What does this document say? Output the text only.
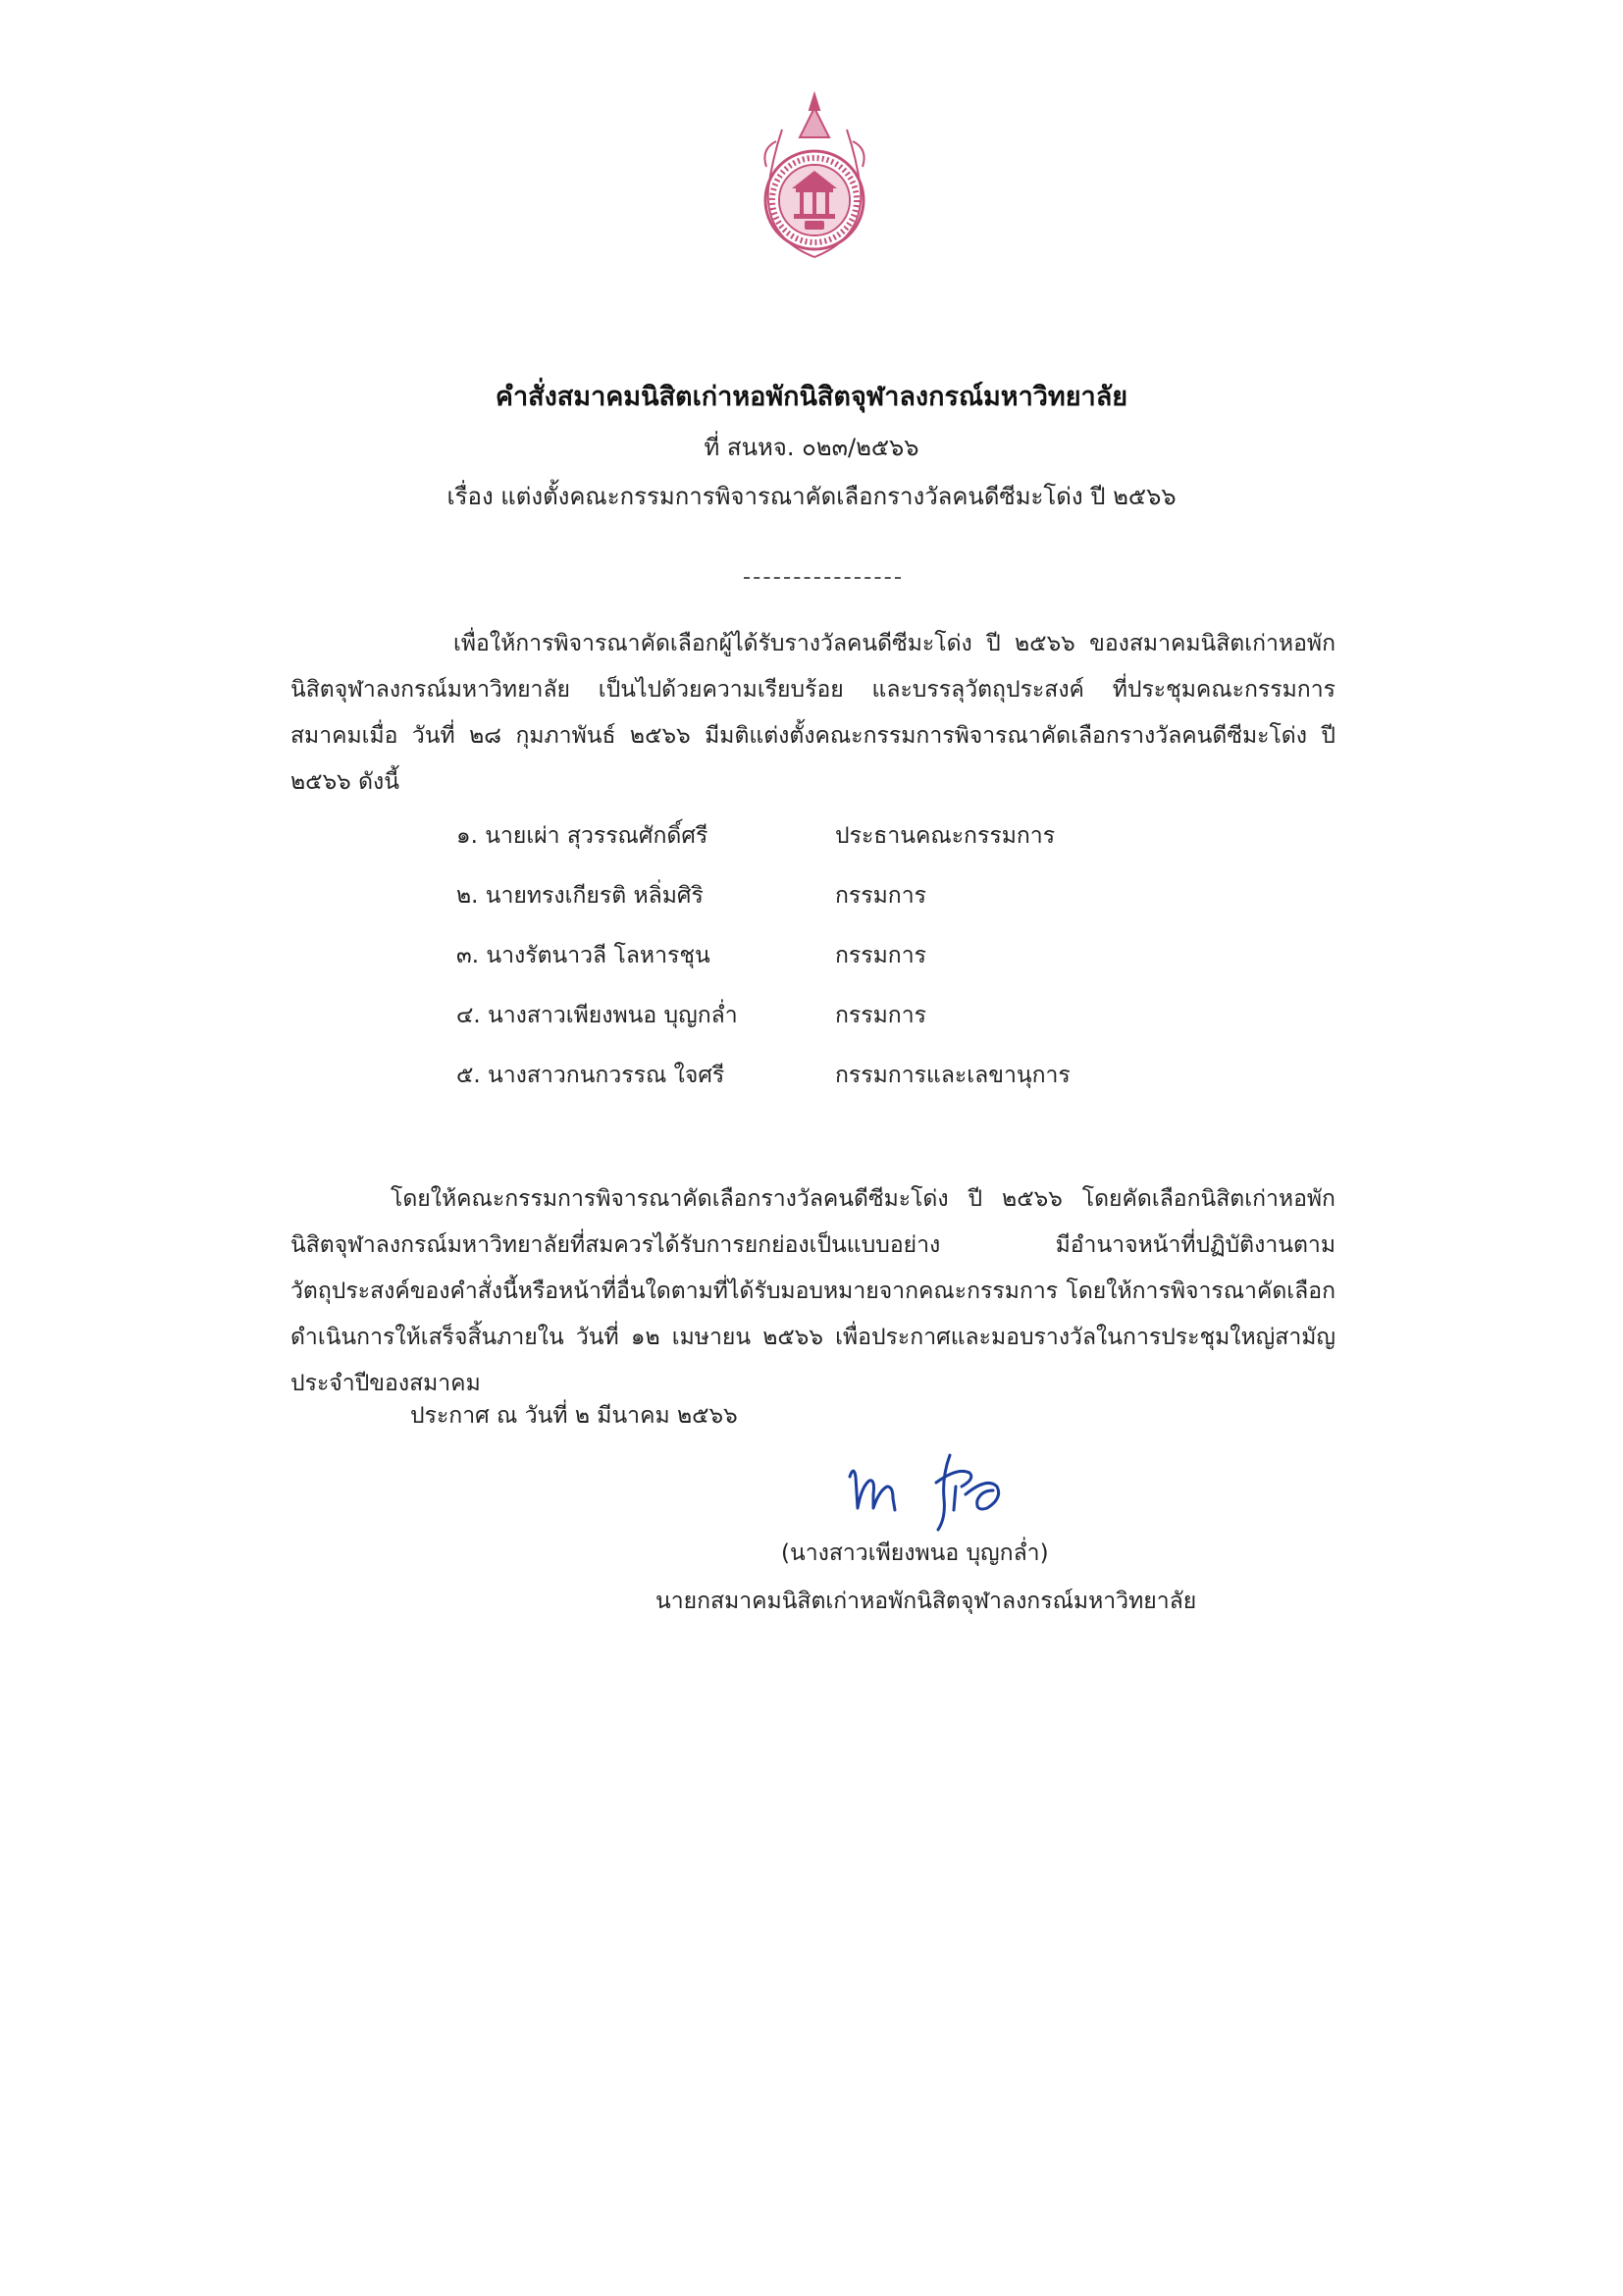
คำสั่งสมาคมนิสิตเก่าหอพักนิสิตจุฬาลงกรณ์มหาวิทยาลัย
ที่ สนหจ. ๐๒๓/๒๕๖๖
เรื่อง แต่งตั้งคณะกรรมการพิจารณาคัดเลือกรางวัลคนดีซีมะโด่ง ปี ๒๕๖๖
เพื่อให้การพิจารณาคัดเลือกผู้ได้รับรางวัลคนดีซีมะโด่ง ปี ๒๕๖๖ ของสมาคมนิสิตเก่าหอพักนิสิตจุฬาลงกรณ์มหาวิทยาลัย เป็นไปด้วยความเรียบร้อย และบรรลุวัตถุประสงค์ ที่ประชุมคณะกรรมการสมาคมเมื่อ วันที่ ๒๘ กุมภาพันธ์ ๒๕๖๖ มีมติแต่งตั้งคณะกรรมการพิจารณาคัดเลือกรางวัลคนดีซีมะโด่ง ปี ๒๕๖๖ ดังนี้
๑. นายเผ่า สุวรรณศักดิ์ศรี	ประธานคณะกรรมการ
๒. นายทรงเกียรติ หลิ่มศิริ	กรรมการ
๓. นางรัตนาวลี โลหารชุน	กรรมการ
๔. นางสาวเพียงพนอ บุญกล่ำ	กรรมการ
๕. นางสาวกนกวรรณ ใจศรี	กรรมการและเลขานุการ
โดยให้คณะกรรมการพิจารณาคัดเลือกรางวัลคนดีซีมะโด่ง ปี ๒๕๖๖ โดยคัดเลือกนิสิตเก่าหอพักนิสิตจุฬาลงกรณ์มหาวิทยาลัยที่สมควรได้รับการยกย่องเป็นแบบอย่าง มีอำนาจหน้าที่ปฏิบัติงานตามวัตถุประสงค์ของคำสั่งนี้หรือหน้าที่อื่นใดตามที่ได้รับมอบหมายจากคณะกรรมการ โดยให้การพิจารณาคัดเลือกดำเนินการให้เสร็จสิ้นภายใน วันที่ ๑๒ เมษายน ๒๕๖๖ เพื่อประกาศและมอบรางวัลในการประชุมใหญ่สามัญประจำปีของสมาคม
ประกาศ ณ วันที่ ๒ มีนาคม ๒๕๖๖
(นางสาวเพียงพนอ บุญกล่ำ)
นายกสมาคมนิสิตเก่าหอพักนิสิตจุฬาลงกรณ์มหาวิทยาลัย
